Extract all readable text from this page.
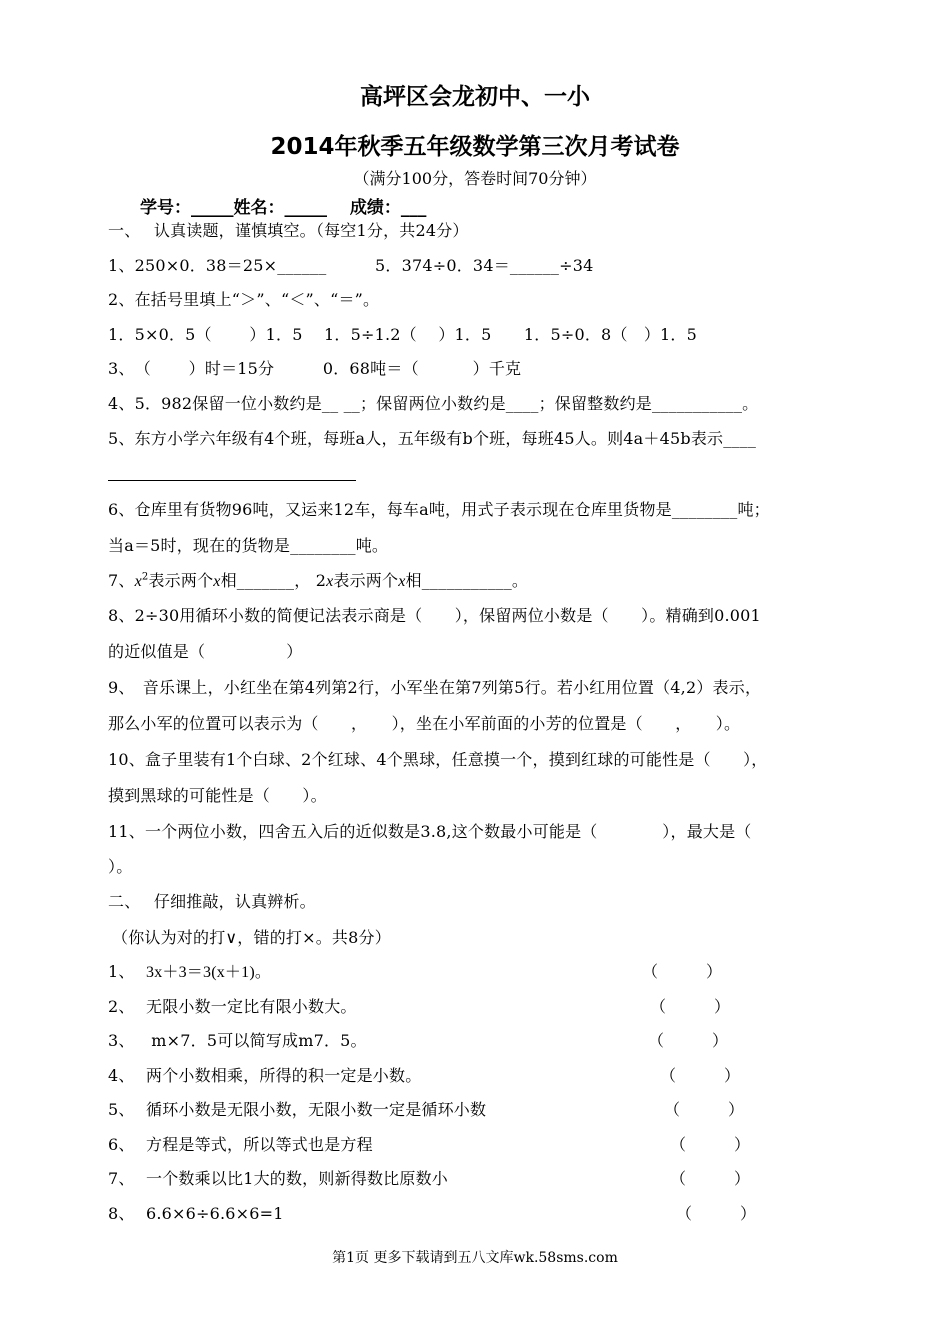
高坪区会龙初中、一小
2014年秋季五年级数学第三次月考试卷
（满分100分，答卷时间70分钟）
学号：_____姓名：_____　 成绩：___
一、　 认真读题，谨慎填空。（每空1分，共24分）
1、250×0．38＝25×______　　　5．374÷0．34＝______÷34
2、在括号里填上“＞”、“＜”、“＝”。
1．5×0．5（　　 ）1．5　 1．5÷1.2（　 ）1．5　　1．5÷0．8（　）1．5
3、　（　　 ）时＝15分　　　0．68吨＝（　　　 ）千克
4、5．982保留一位小数约是__ __；保留两位小数约是____；保留整数约是___________。
5、东方小学六年级有4个班，每班a人，五年级有b个班，每班45人。则4a＋45b表示____
6、仓库里有货物96吨，又运来12车，每车a吨，用式子表示现在仓库里货物是________吨；
当a＝5时，现在的货物是________吨。
7、$x^2$表示两个x相_______， 2x表示两个x相___________。
8、2÷30用循环小数的简便记法表示商是（　　），保留两位小数是（　　）。精确到0.001
的近似值是（　　　　　）
9、　音乐课上，小红坐在第4列第2行，小军坐在第7列第5行。若小红用位置（4,2）表示，
那么小军的位置可以表示为（　　，　　），坐在小军前面的小芳的位置是（　　，　　）。
10、盒子里装有1个白球、2个红球、4个黑球，任意摸一个，摸到红球的可能性是（　　），
摸到黑球的可能性是（　　）。
11、一个两位小数，四舍五入后的近似数是3.8,这个数最小可能是（　　　　），最大是（
）。
二、　 仔细推敲，认真辨析。
（你认为对的打∨，错的打×。共8分）
1、 3x＋3＝3(x＋1)。	（　　　）
2、 无限小数一定比有限小数大。	（　　　）
3、 m×7．5可以简写成m7．5。	（　　　）
4、 两个小数相乘，所得的积一定是小数。	（　　　）
5、 循环小数是无限小数，无限小数一定是循环小数	（　　　）
6、 方程是等式，所以等式也是方程	（　　　）
7、 一个数乘以比1大的数，则新得数比原数小	（　　　）
8、 6.6×6÷6.6×6=1	（　　　）
第1页 更多下载请到五八文库wk.58sms.com
